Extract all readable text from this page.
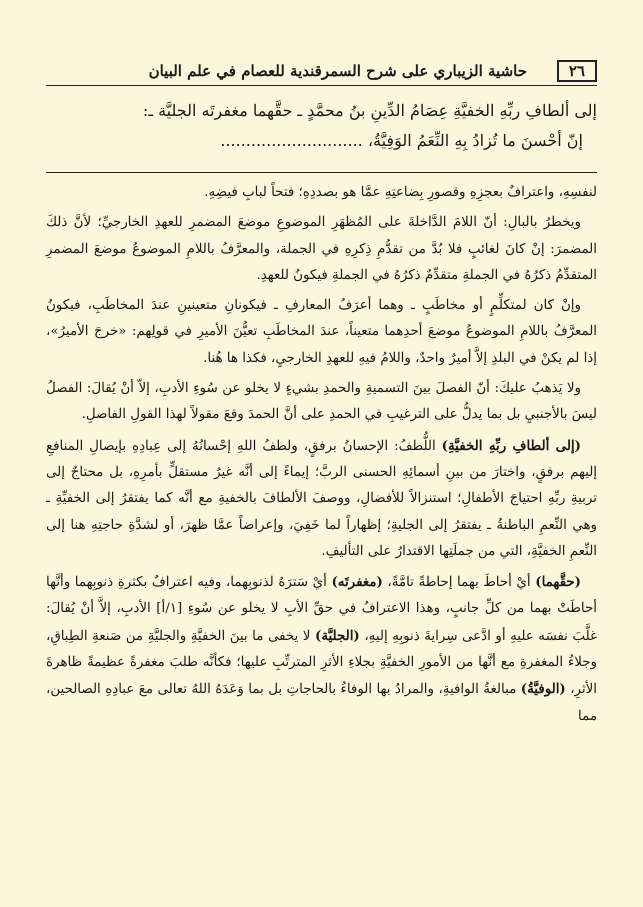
٢٦
حاشية الزيباري على شرح السمرقندية للعصام في علم البيان
إلى ألطافِ ربِّهِ الخفيَّةِ عِصَامُ الدِّينِ بنُ محمَّدٍ ـ حقَّهما مغفرتَه الجليَّة ـ:
إنّ أحْسنَ ما تُزادُ بِهِ النِّعَمُ الوَفِيَّةُ، ............................

لنفسِهِ، واعترافٌ بعجزِهِ وقصورِ بِضاعتِهِ عمَّا هو بصددِهِ؛ فتحاً لبابِ فيضِهِ.

ويخطرُ بالبالِ: أنّ اللامَ الدَّاخلةَ على المُظهَرِ الموضوعِ موضعَ المضمرِ للعهدِ الخارجيِّ؛ لأنَّ ذلكَ المضمرَ: إنْ كانَ لغائبٍ فلا بُدَّ من تقدُّمِ ذِكرِهِ في الجملة، والمعرَّفُ باللامِ الموضوعُ موضعَ المضمرِ المتقدِّمُ ذكرُهُ في الجملةِ متقدِّمٌ ذكرُهُ في الجملةِ فيكونُ للعهدِ.

وإنْ كان لمتكلِّمٍ أو مخاطَبٍ ـ وهما أعرَفُ المعارفِ ـ فيكونانِ متعينينِ عندَ المخاطَبِ، فيكونُ المعرَّفُ باللامِ الموضوعُ موضعَ أحدِهما متعيناً، عندَ المخاطَبِ تعيُّنَ الأميرِ في قولِهم: «خرجَ الأميرُ»، إذا لم يكنْ في البلدِ إلاَّ أميرٌ واحدٌ، واللامُ فيهِ للعهدِ الخارجيِ، فكذا ها هُنا.

ولا يَذهبُ عليكَ: أنّ الفصلَ بينَ التسميةِ والحمدِ بشيءٍ لا يخلو عن سُوءِ الأدبِ، إلاّ أنْ يُقالَ: الفصلُ ليسَ بالأجنبيِ بل بما يدلُّ على الترغيبِ في الحمدِ على أنَّ الحمدَ وقعَ مقولاً لهذا القولِ الفاصلِ.

(إلى ألطافِ ربِّهِ الخفيَّةِ) اللُّطفُ: الإحسانُ برفقٍ، ولطفُ اللهِ إحْسانُهُ إلى عِبادِهِ بإيصالِ المنافعِ إليهم برفقٍ، واختارَ من بينِ أسمائِهِ الحسنى الربَّ؛ إيماءً إلى أنَّه غيرُ مستقلٍّ بأمرِهِ، بل محتاجٌ إلى تربيةِ ربِّهِ احتياجَ الأطفالِ؛ استنزالاً للأفضالِ، ووصفَ الألطافَ بالخفيةِ مع أنَّه كما يفتقرُ إلى الخفيِّةِ ـ وهي النِّعمِ الباطنةُ ـ يفتقرُ إلى الجليةِ؛ إظهاراً لما خَفِيَ، وإعراضاً عمَّا ظهرَ، أو لشدَّةِ حاجتِهِ هنا إلى النِّعمِ الخفيَّةِ، التي من جملَتِها الاقتدارُ على التأليفِ.

(حقَّهما) أيْ أحاطَ بهما إحاطةً تامَّةً، (مغفرتَه) أيْ سَترَهُ لذنوبِهما، وفيه اعترافٌ بكثرةِ ذنوبِهما وأنَّها أحاطَتْ بهما من كلِّ جانبٍ، وهذا الاعترافُ في حقِّ الأبِ لا يخلو عن سُوءِ [١/أ] الأدبِ، إلاَّ أنْ يُقالَ: غلَّبَ نفسَه عليهِ أو ادَّعى سِرايةَ ذنوبِهِ إليهِ، (الجليَّة) لا يخفى ما بينَ الخفيَّةِ والجليَّةِ من صَنعةِ الطِباقِ، وجلاءُ المغفرةِ مع أنَّها من الأمورِ الخفيَّةِ بجلاءِ الأثرِ المترتِّبِ عليها؛ فكأنَّه طلبَ مغفرةً عظيمةً ظاهرةَ الأثرِ، (الوفيَّةُ) مبالغةُ الوافيةِ، والمرادُ بها الوفاءُ بالحاجاتِ بل بما وَعَدَهُ اللهُ تعالى معَ عبادِهِ الصالحين، مما
